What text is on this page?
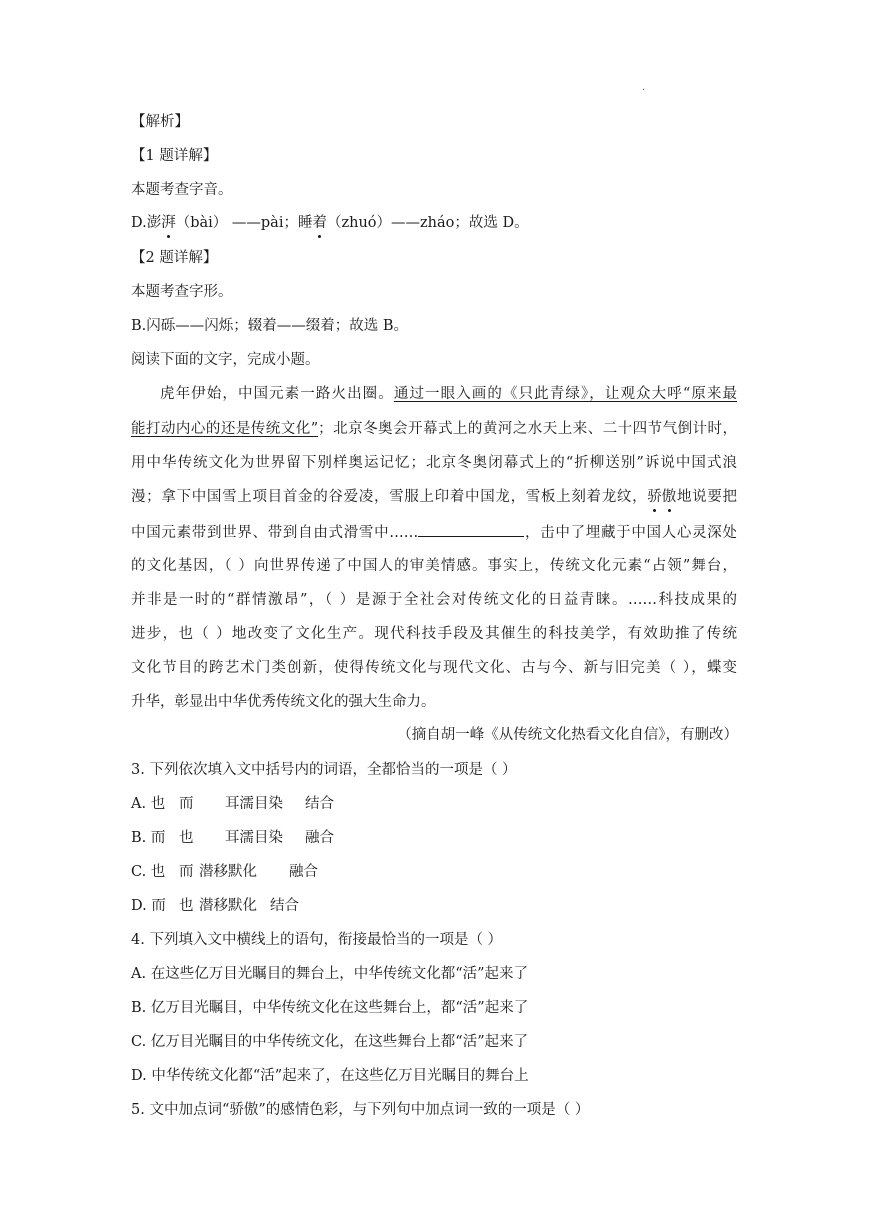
.
【解析】
【1 题详解】
本题考查字音。
D.澎湃（bài） ——pài；睡着（zhuó）——zháo；故选 D。
【2 题详解】
本题考查字形。
B.闪砾——闪烁；辍着——缀着；故选 B。
阅读下面的文字，完成小题。
虎年伊始，中国元素一路火出圈。通过一眼入画的《只此青绿》，让观众大呼“原来最
能打动内心的还是传统文化”；北京冬奥会开幕式上的黄河之水天上来、二十四节气倒计时，
用中华传统文化为世界留下别样奥运记忆；北京冬奥闭幕式上的“折柳送别”诉说中国式浪
漫；拿下中国雪上项目首金的谷爱凌，雪服上印着中国龙，雪板上刻着龙纹，骄傲地说要把
中国元素带到世界、带到自由式滑雪中……	，击中了埋藏于中国人心灵深处
的文化基因，（ ）向世界传递了中国人的审美情感。事实上，传统文化元素“占领”舞台，
并非是一时的“群情激昂”，（ ）是源于全社会对传统文化的日益青睐。……科技成果的
进步，也（ ）地改变了文化生产。现代科技手段及其催生的科技美学，有效助推了传统
文化节目的跨艺术门类创新，使得传统文化与现代文化、古与今、新与旧完美（ ），蝶变
升华，彰显出中华优秀传统文化的强大生命力。
（摘自胡一峰《从传统文化热看文化自信》，有删改）
3. 下列依次填入文中括号内的词语，全都恰当的一项是（ ）
A. 也 而 耳濡目染 结合
B. 而 也 耳濡目染 融合
C. 也 而 潜移默化 融合
D. 而 也 潜移默化 结合
4. 下列填入文中横线上的语句，衔接最恰当的一项是（ ）
A. 在这些亿万目光瞩目的舞台上，中华传统文化都“活”起来了
B. 亿万目光瞩目，中华传统文化在这些舞台上，都“活”起来了
C. 亿万目光瞩目的中华传统文化，在这些舞台上都“活”起来了
D. 中华传统文化都“活”起来了，在这些亿万目光瞩目的舞台上
5. 文中加点词“骄傲”的感情色彩，与下列句中加点词一致的一项是（ ）
